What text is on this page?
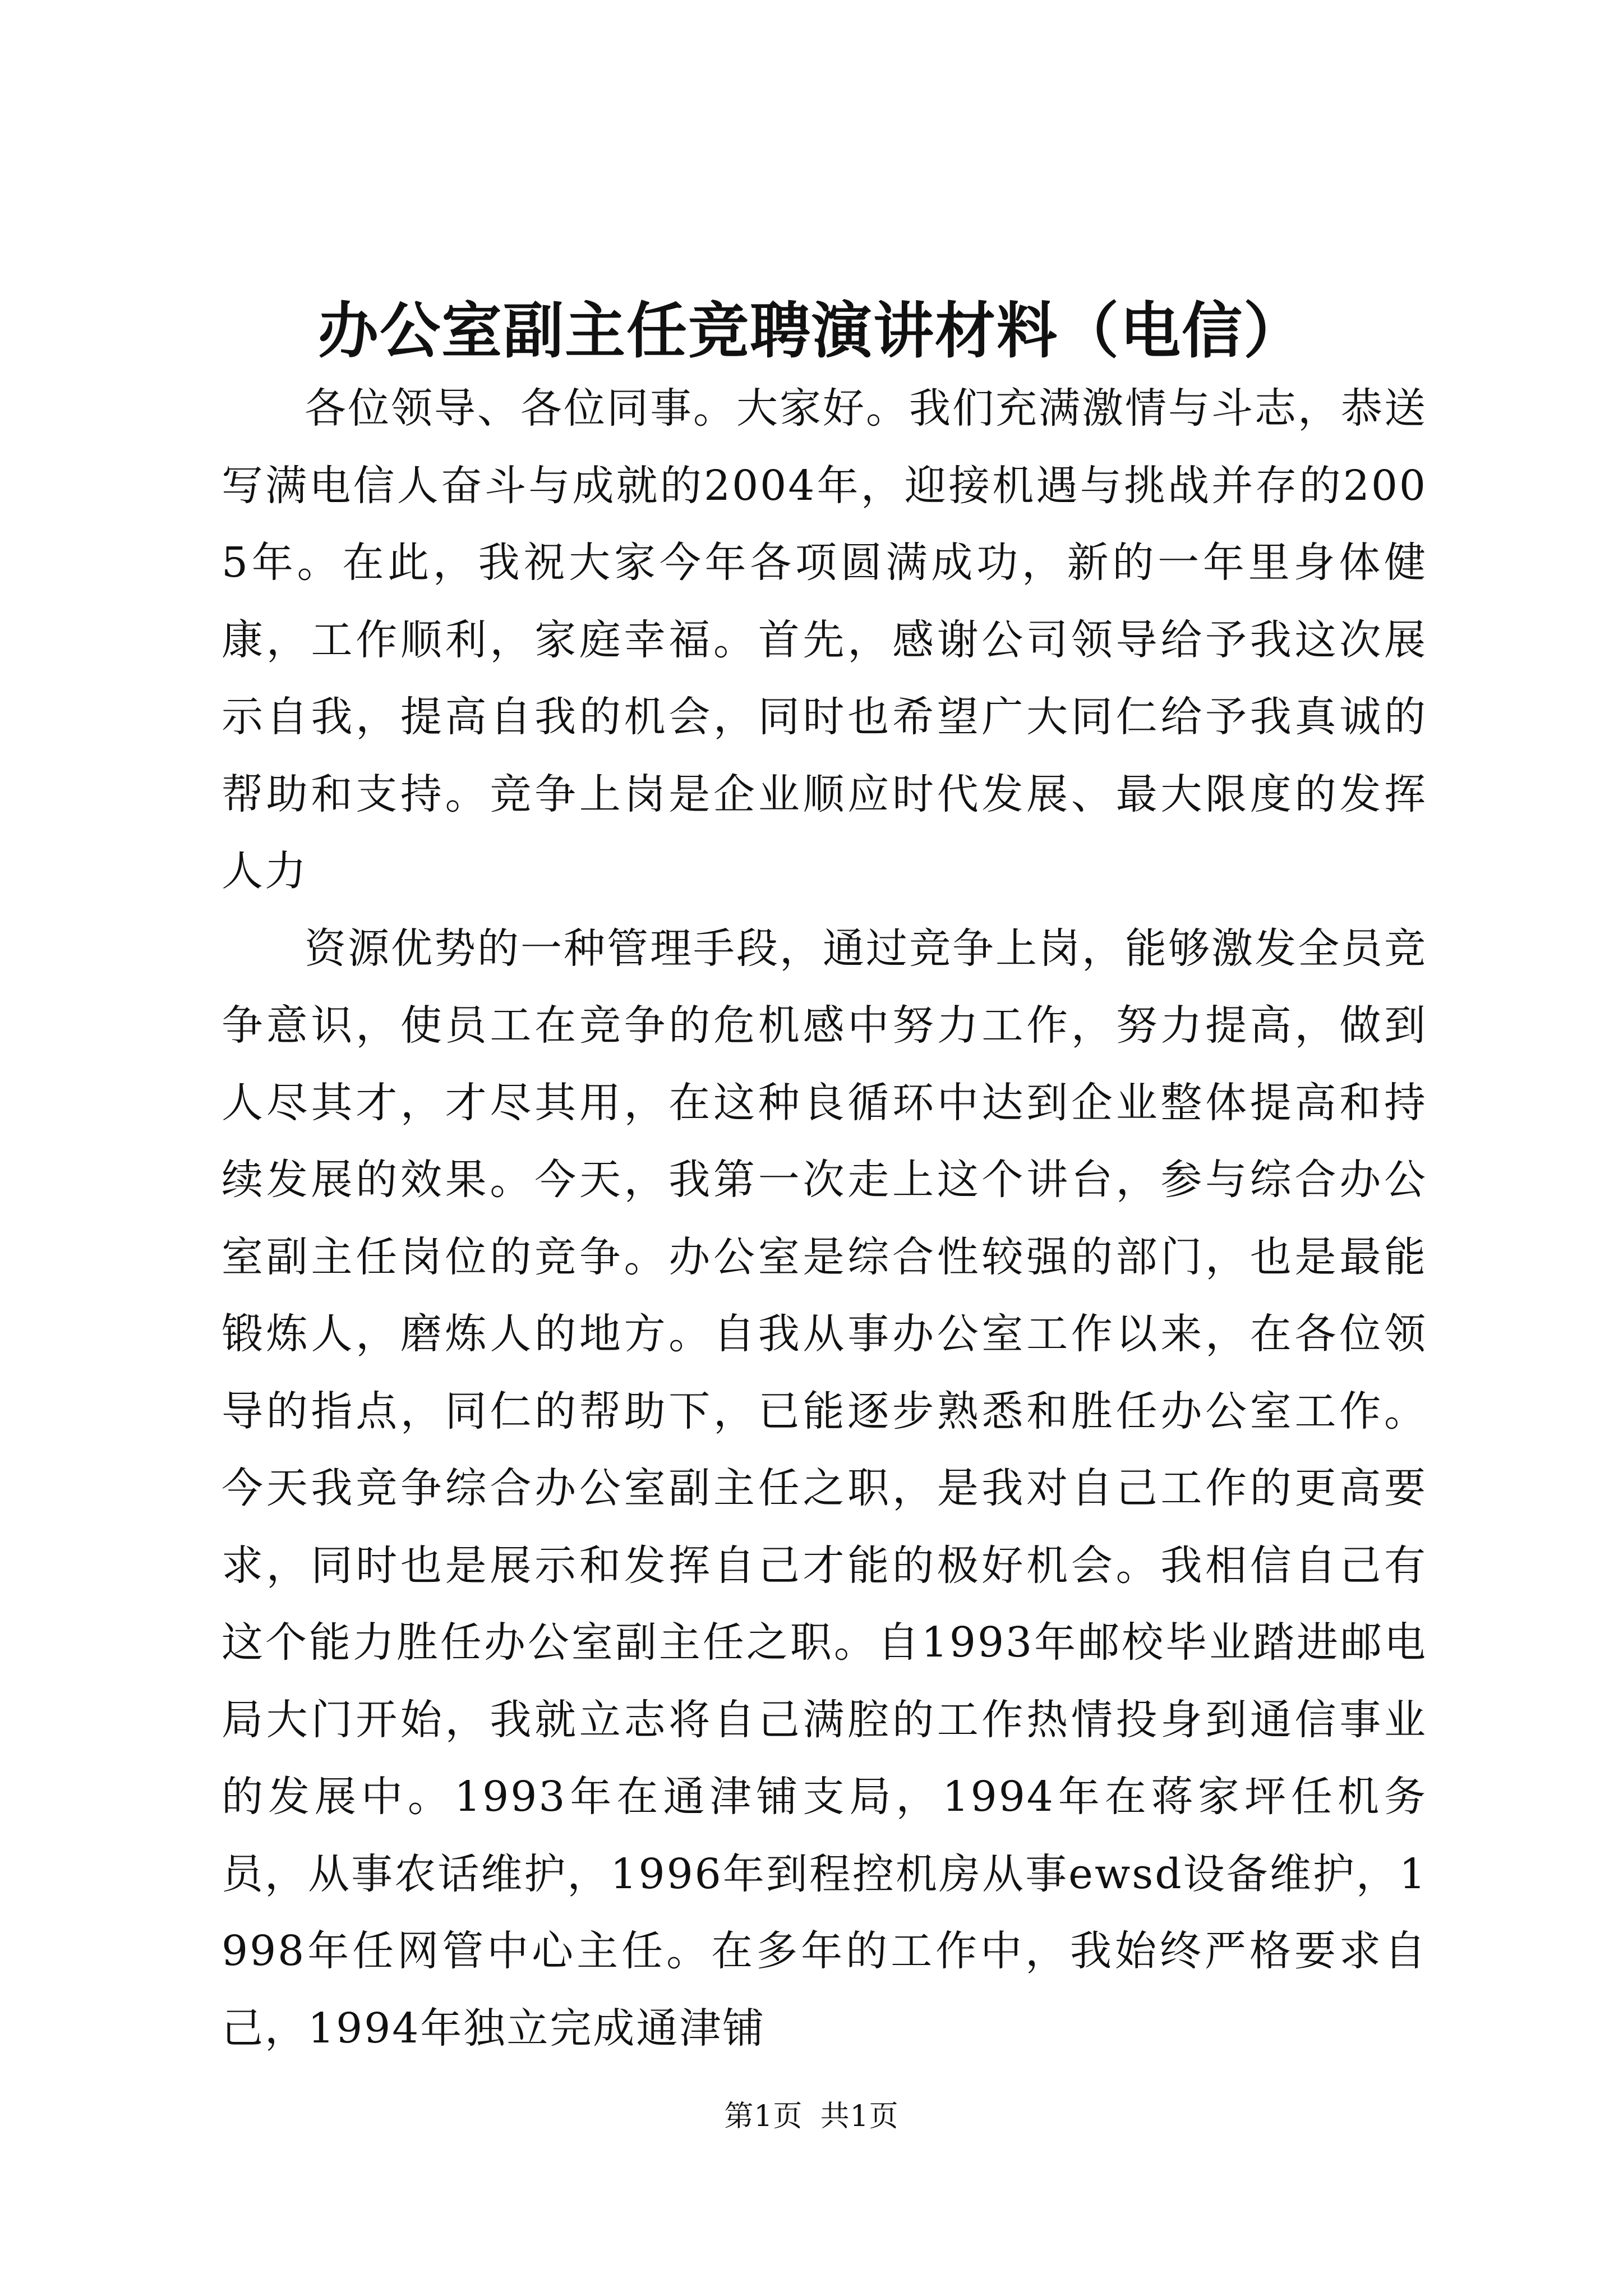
办公室副主任竞聘演讲材料（电信）

各位领导、各位同事。大家好。我们充满激情与斗志，恭送写满电信人奋斗与成就的2004年，迎接机遇与挑战并存的2005年。在此，我祝大家今年各项圆满成功，新的一年里身体健康，工作顺利，家庭幸福。首先，感谢公司领导给予我这次展示自我，提高自我的机会，同时也希望广大同仁给予我真诚的帮助和支持。竞争上岗是企业顺应时代发展、最大限度的发挥人力

资源优势的一种管理手段，通过竞争上岗，能够激发全员竞争意识，使员工在竞争的危机感中努力工作，努力提高，做到人尽其才，才尽其用，在这种良循环中达到企业整体提高和持续发展的效果。今天，我第一次走上这个讲台，参与综合办公室副主任岗位的竞争。办公室是综合性较强的部门，也是最能锻炼人，磨炼人的地方。自我从事办公室工作以来，在各位领导的指点，同仁的帮助下，已能逐步熟悉和胜任办公室工作。今天我竞争综合办公室副主任之职，是我对自己工作的更高要求，同时也是展示和发挥自己才能的极好机会。我相信自己有这个能力胜任办公室副主任之职。自1993年邮校毕业踏进邮电局大门开始，我就立志将自己满腔的工作热情投身到通信事业的发展中。1993年在通津铺支局，1994年在蒋家坪任机务员，从事农话维护，1996年到程控机房从事ewsd设备维护，1998年任网管中心主任。在多年的工作中，我始终严格要求自己，1994年独立完成通津铺

第1页 共1页
